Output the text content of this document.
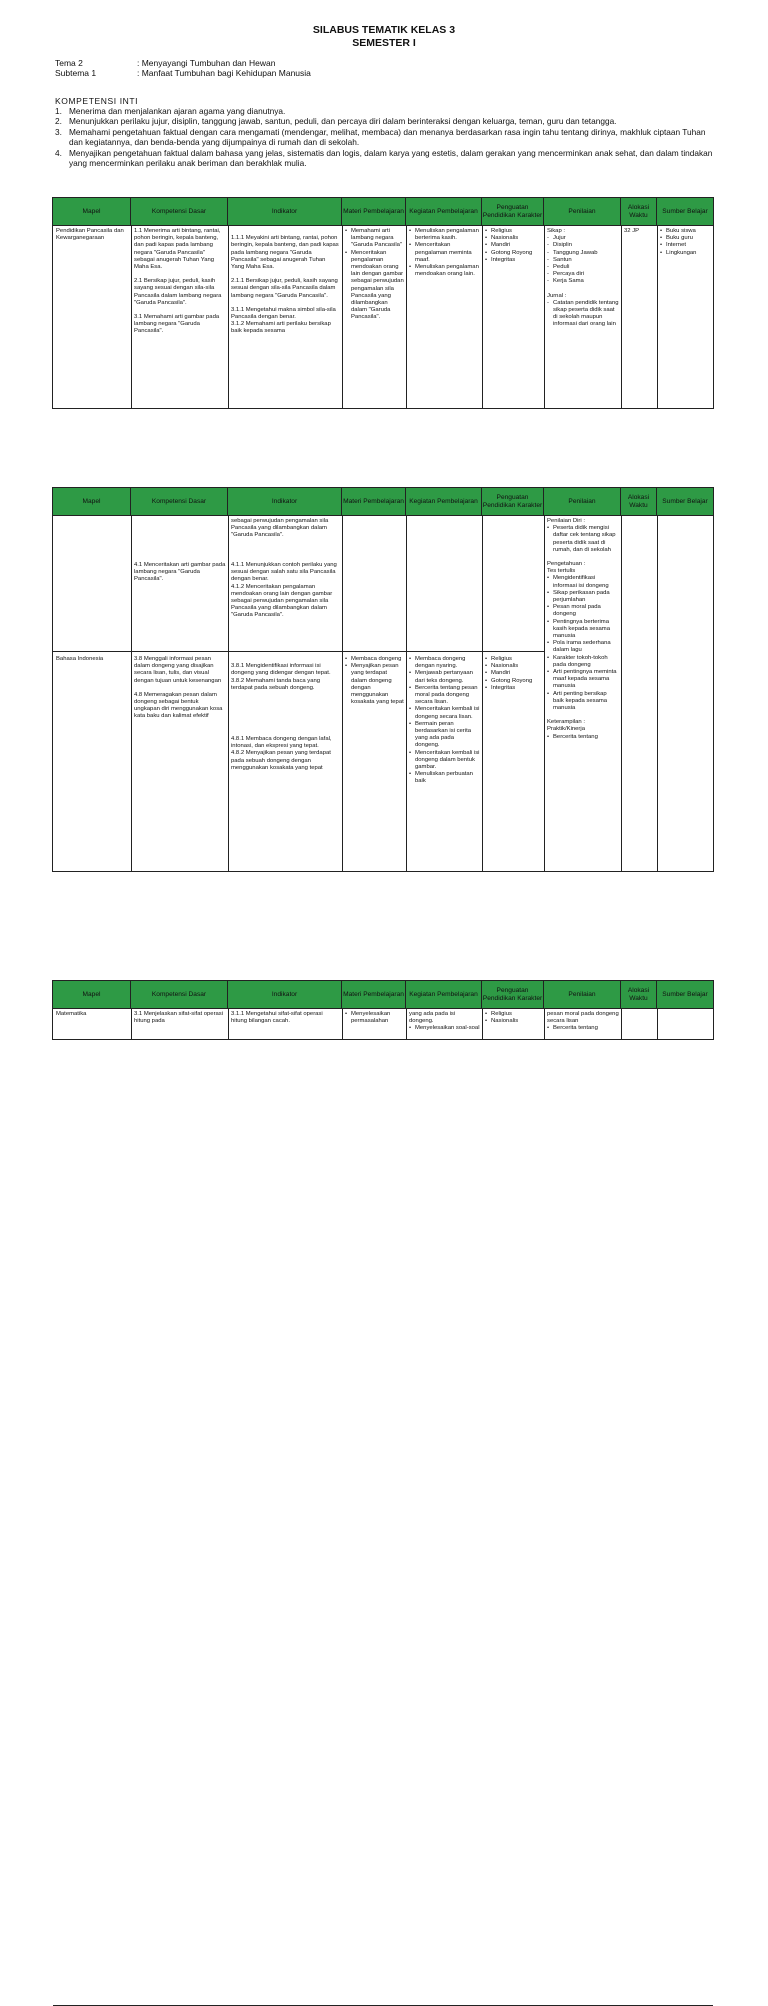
SILABUS TEMATIK KELAS 3
SEMESTER I
Tema 2	: Menyayangi Tumbuhan dan Hewan
Subtema 1	: Manfaat Tumbuhan bagi Kehidupan Manusia
KOMPETENSI INTI
1. Menerima dan menjalankan ajaran agama yang dianutnya.
2. Menunjukkan perilaku jujur, disiplin, tanggung jawab, santun, peduli, dan percaya diri dalam berinteraksi dengan keluarga, teman, guru dan tetangga.
3. Memahami pengetahuan faktual dengan cara mengamati (mendengar, melihat, membaca) dan menanya berdasarkan rasa ingin tahu tentang dirinya, makhluk ciptaan Tuhan dan kegiatannya, dan benda-benda yang dijumpainya di rumah dan di sekolah.
4. Menyajikan pengetahuan faktual dalam bahasa yang jelas, sistematis dan logis, dalam karya yang estetis, dalam gerakan yang mencerminkan anak sehat, dan dalam tindakan yang mencerminkan perilaku anak beriman dan berakhlak mulia.
Mapel	Kompetensi Dasar	Indikator	Materi Pembelajaran Kegiatan Pembelajaran
Penguatan Pendidikan Karakter
Penilaian
Alokasi Waktu
Sumber Belajar
Pendidikan Pancasila dan Kewarganegaraan

1.1 Menerima arti bintang, rantai, pohon beringin, kepala banteng, dan padi kapas pada lambang negara "Garuda Pancasila" sebagai anugerah Tuhan Yang Maha Esa.

2.1 Bersikap jujur, peduli, kasih sayang sesuai dengan sila-sila Pancasila dalam lambang negara "Garuda Pancasila".

3.1 Memahami arti gambar pada lambang negara "Garuda Pancasila".

1.1.1 Meyakini arti bintang, rantai, pohon beringin, kepala banteng, dan padi kapas pada lambang negara "Garuda Pancasila" sebagai anugerah Tuhan Yang Maha Esa.

2.1.1 Bersikap jujur, peduli, kasih sayang sesuai dengan sila-sila Pancasila dalam lambang negara "Garuda Pancasila".

3.1.1 Mengetahui makna simbol sila-sila Pancasila dengan benar.
3.1.2 Memahami arti perilaku bersikap baik kepada sesama

• Memahami arti lambang negara "Garuda Pancasila"
• Menceritakan pengalaman mendoakan orang lain dengan gambar sebagai perwujudan pengamalan sila Pancasila yang dilambangkan dalam "Garuda Pancasila".
• Menuliskan pengalaman berterima kasih.
• Menceritakan pengalaman meminta maaf.
• Menuliskan pengalaman mendoakan orang lain.
• Religius
• Nasionalis
• Mandiri
• Gotong Royong
• Integritas
Sikap :
- Jujur
- Disiplin
- Tanggung Jawab
- Santun
- Peduli
- Percaya diri
- Kerja Sama
Jurnal :
- Catatan pendidik tentang sikap peserta didik saat di sekolah maupun informasi dari orang lain
32 JP
•	Buku siswa
• Buku guru
• Internet
• Lingkungan
Mapel	Kompetensi Dasar	Indikator	Materi Pembelajaran Kegiatan Pembelajaran
Penguatan Pendidikan Karakter
Penilaian
Alokasi Waktu
Sumber Belajar
sebagai perwujudan pengamalan sila Pancasila yang dilambangkan dalam "Garuda Pancasila".
4.1 Menceritakan arti gambar pada lambang negara "Garuda Pancasila".
4.1.1 Menunjukkan contoh perilaku yang sesuai dengan salah satu sila Pancasila dengan benar.
4.1.2 Menceritakan pengalaman mendoakan orang lain dengan gambar sebagai perwujudan pengamalan sila Pancasila yang dilambangkan dalam "Garuda Pancasila".
Penilaian Diri :
• Peserta didik mengisi daftar cek tentang sikap peserta didik saat di rumah, dan di sekolah
Pengetahuan :
Tes tertulis
• Mengidentifikasi informasi isi dongeng
• Sikap perikasan pada perjumlahan
• Pesan moral pada dongeng
• Pentingnya berterima kasih kepada sesama manusia
• Pola irama sederhana dalam lagu
• Karakter tokoh-tokoh pada dongeng
• Arti pentingnya meminta maaf kepada sesama manusia
• Arti penting bersikap baik kepada sesama manusia
Keterampilan :
Praktik/Kinerja
• Bercerita tentang
Bahasa Indonesia	3.8 Menggali informasi pesan dalam dongeng yang disajikan secara lisan, tulis, dan visual dengan tujuan untuk kesenangan

4.8 Memeragakan pesan dalam dongeng sebagai bentuk ungkapan diri menggunakan kosa kata baku dan kalimat efektif

3.8.1 Mengidentifikasi informasi isi dongeng yang didengar dengan tepat.
3.8.2 Memahami tanda baca yang terdapat pada sebuah dongeng.

4.8.1 Membaca dongeng dengan lafal, intonasi, dan ekspresi yang tepat.
4.8.2 Menyajikan pesan yang terdapat pada sebuah dongeng dengan menggunakan kosakata yang tepat

• Membaca dongeng
• Menyajikan pesan yang terdapat dalam dongeng dengan menggunakan kosakata yang tepat
• Membaca dongeng dengan nyaring.
• Menjawab pertanyaan dari teks dongeng.
• Bercerita tentang pesan moral pada dongeng secara lisan.
• Menceritakan kembali isi dongeng secara lisan.
• Bermain peran berdasarkan isi cerita yang ada pada dongeng.
• Menceritakan kembali isi dongeng dalam bentuk gambar.
• Menuliskan perbuatan baik
• Religius
• Nasionalis
• Mandiri
• Gotong Royong
• Integritas
Mapel	Kompetensi Dasar	Indikator	Materi Pembelajaran Kegiatan Pembelajaran
Penguatan Pendidikan Karakter
Penilaian
Alokasi Waktu
Sumber Belajar
yang ada pada isi dongeng.
pesan moral pada dongeng secara lisan
• Bercerita tentang
Matematika	3.1 Menjelaskan sifat-sifat operasi hitung pada
3.1.1 Mengetahui sifat-sifat operasi hitung bilangan cacah.
• Menyelesaikan permasalahan
• Menyelesaikan soal-soal
• Religius
• Nasionalis
